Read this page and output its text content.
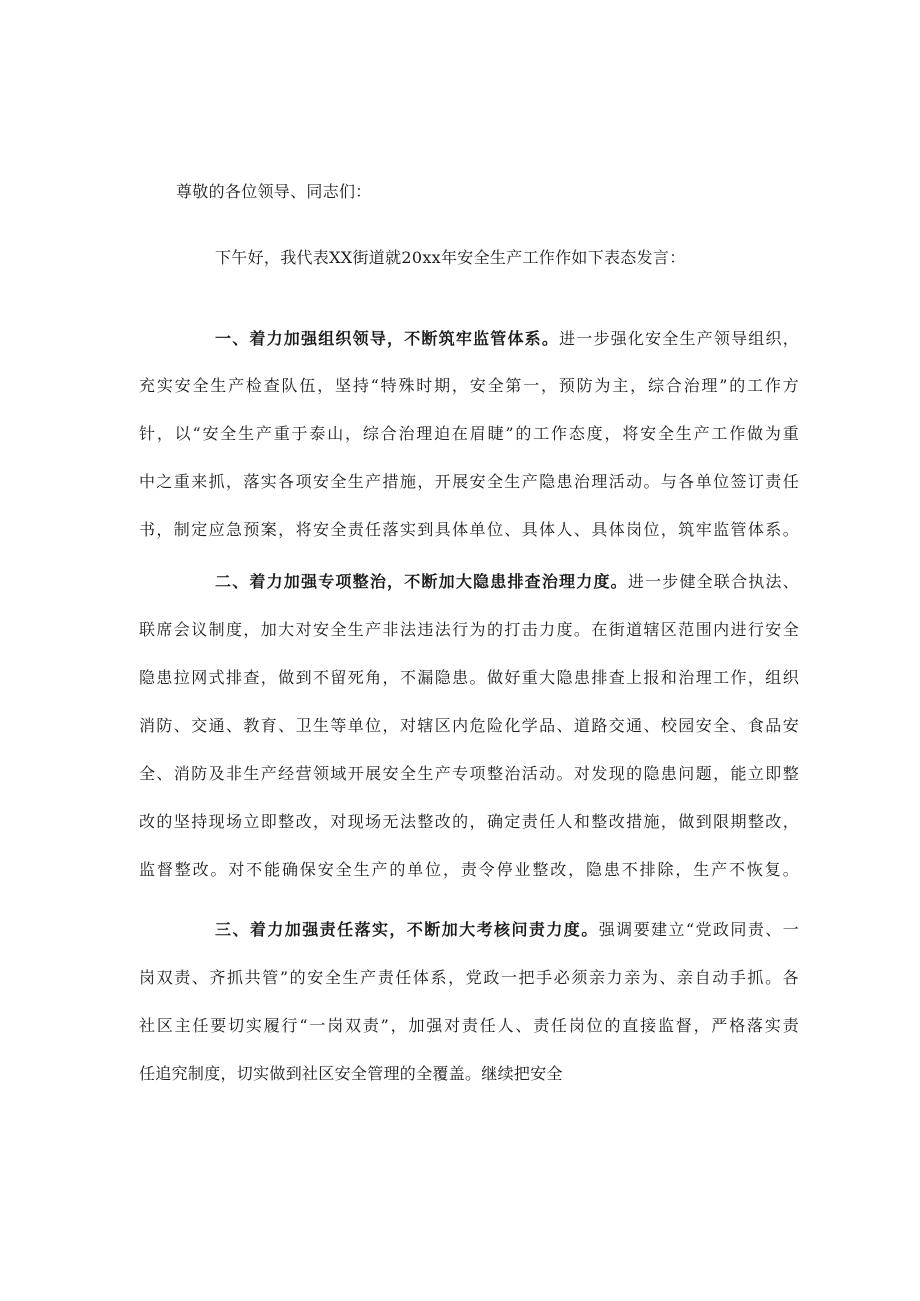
尊敬的各位领导、同志们：
下午好，我代表XX街道就20xx年安全生产工作作如下表态发言：
一、着力加强组织领导，不断筑牢监管体系。进一步强化安全生产领导组织，
充实安全生产检查队伍，坚持“特殊时期，安全第一，预防为主，综合治理”的工作方
针，以“安全生产重于泰山，综合治理迫在眉睫”的工作态度，将安全生产工作做为重
中之重来抓，落实各项安全生产措施，开展安全生产隐患治理活动。与各单位签订责任
书，制定应急预案，将安全责任落实到具体单位、具体人、具体岗位，筑牢监管体系。
二、着力加强专项整治，不断加大隐患排查治理力度。进一步健全联合执法、
联席会议制度，加大对安全生产非法违法行为的打击力度。在街道辖区范围内进行安全
隐患拉网式排查，做到不留死角，不漏隐患。做好重大隐患排查上报和治理工作，组织
消防、交通、教育、卫生等单位，对辖区内危险化学品、道路交通、校园安全、食品安
全、消防及非生产经营领域开展安全生产专项整治活动。对发现的隐患问题，能立即整
改的坚持现场立即整改，对现场无法整改的，确定责任人和整改措施，做到限期整改，
监督整改。对不能确保安全生产的单位，责令停业整改，隐患不排除，生产不恢复。
三、着力加强责任落实，不断加大考核问责力度。强调要建立“党政同责、一
岗双责、齐抓共管”的安全生产责任体系，党政一把手必须亲力亲为、亲自动手抓。各
社区主任要切实履行“一岗双责”，加强对责任人、责任岗位的直接监督，严格落实责
任追究制度，切实做到社区安全管理的全覆盖。继续把安全
